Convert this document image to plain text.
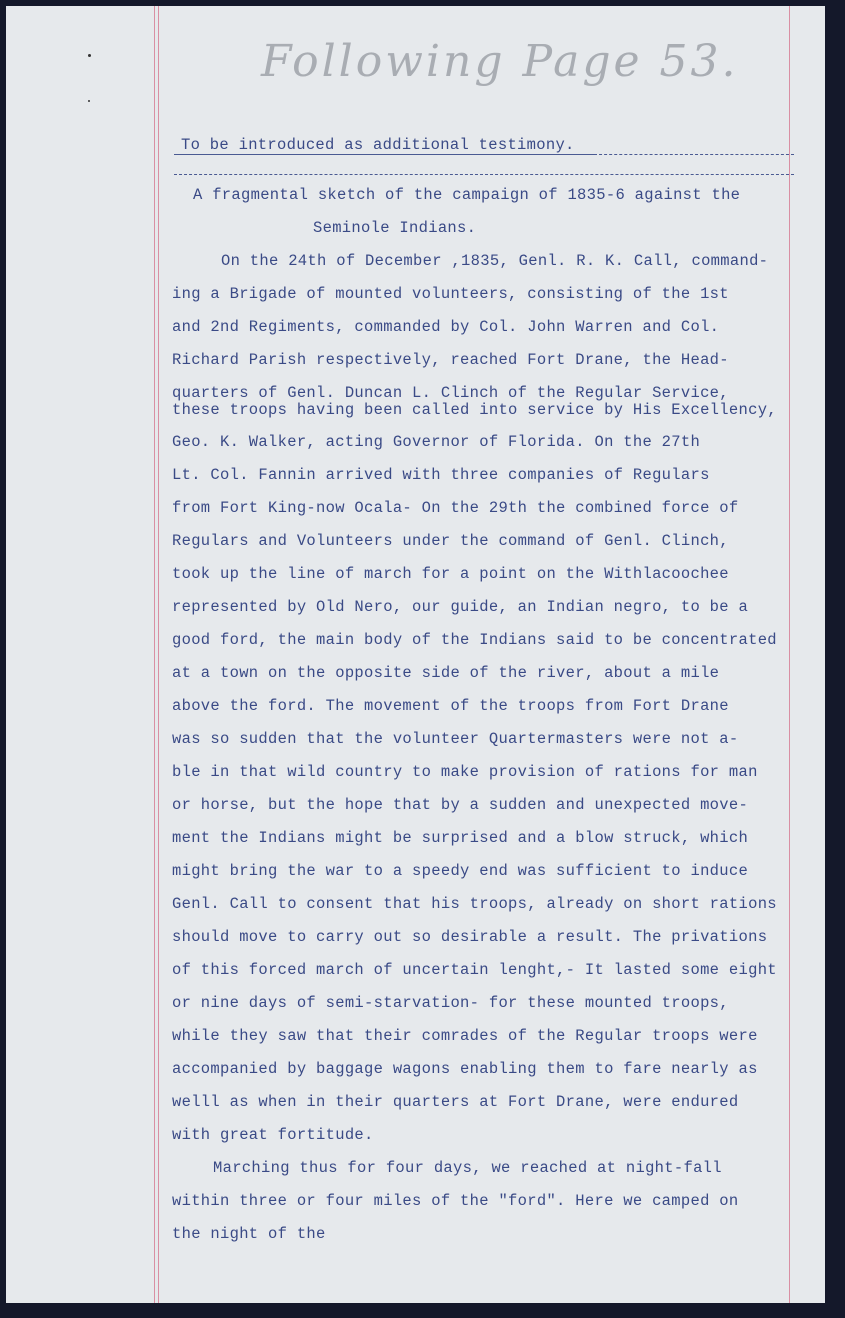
Following Page 53.
To be introduced as additional testimony.
A fragmental sketch of the campaign of 1835-6 against the
Seminole Indians.
On the 24th of December ,1835, Genl. R. K. Call, command-
ing a Brigade of mounted volunteers, consisting of the 1st
and 2nd Regiments, commanded by Col. John Warren and Col.
Richard Parish respectively, reached Fort Drane, the Head-
quarters of Genl. Duncan L. Clinch of the Regular Service,
these troops having been called into service by His Excellency,
Geo. K. Walker, acting Governor of Florida. On the 27th
Lt. Col. Fannin arrived with three companies of Regulars
from Fort King-now Ocala- On the 29th the combined force of
Regulars and Volunteers under the command of Genl. Clinch,
took up the line of march for a point on the Withlacoochee
represented by Old Nero, our guide, an Indian negro, to be a
good ford, the main body of the Indians said to be concentrated
at a town on the opposite side of the river, about a mile
above the ford. The movement of the troops from Fort Drane
was so sudden that the volunteer Quartermasters were not a-
ble in that wild country to make provision of rations for man
or horse, but the hope that by a sudden and unexpected move-
ment the Indians might be surprised and a blow struck, which
might bring the war to a speedy end was sufficient to induce
Genl. Call to consent that his troops, already on short rations
should move to carry out so desirable a result. The privations
of this forced march of uncertain lenght,- It lasted some eight
or nine days of semi-starvation- for these mounted troops,
while they saw that their comrades of the Regular troops were
accompanied by baggage wagons enabling them to fare nearly as
welll as when in their quarters at Fort Drane, were endured
with great fortitude.
Marching thus for four days, we reached at night-fall
within three or four miles of the "ford". Here we camped on
the night of the
